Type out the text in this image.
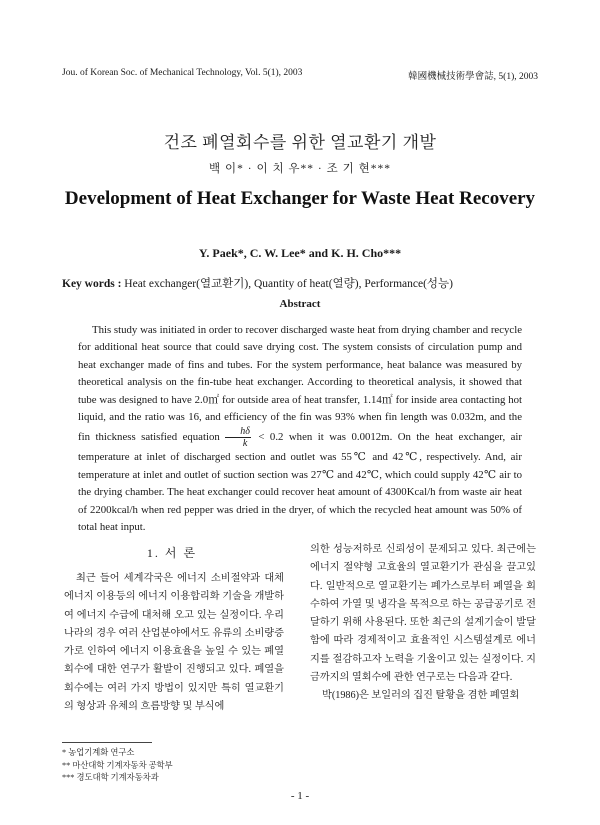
Jou. of Korean Soc. of Mechanical Technology, Vol. 5(1), 2003	韓國機械技術學會誌, 5(1), 2003
건조 폐열회수를 위한 열교환기 개발
백 이* · 이 치 우** · 조 기 현***
Development of Heat Exchanger for Waste Heat Recovery
Y. Paek*, C. W. Lee* and K. H. Cho***
Key words : Heat exchanger(열교환기), Quantity of heat(열량), Performance(성능)
Abstract

This study was initiated in order to recover discharged waste heat from drying chamber and recycle for additional heat source that could save drying cost. The system consists of circulation pump and heat exchanger made of fins and tubes. For the system performance, heat balance was measured by theoretical analysis on the fin-tube heat exchanger. According to theoretical analysis, it showed that tube was designed to have 2.0㎡ for outside area of heat transfer, 1.14㎡ for inside area contacting hot liquid, and the ratio was 16, and efficiency of the fin was 93% when fin length was 0.032m, and the fin thickness satisfied equation $\frac{h\delta}{k} < 0.2$ when it was 0.0012m. On the heat exchanger, air temperature at inlet of discharged section and outlet was 55℃ and 42℃, respectively. And, air temperature at inlet and outlet of suction section was 27℃ and 42℃, which could supply 42℃ air to the drying chamber. The heat exchanger could recover heat amount of 4300Kcal/h from waste air heat of 2200kcal/h when red pepper was dried in the dryer, of which the recycled heat amount was 50% of total heat input.

1. 서 론

최근 들어 세계각국은 에너지 소비절약과 대체에너지 이용등의 에너지 이용합리화 기술을 개발하여 에너지 수급에 대처해 오고 있는 실정이다. 우리나라의 경우 여러 산업분야에서도 유류의 소비량증가로 인하여 에너지 이용효율을 높일 수 있는 폐열회수에 대한 연구가 활발이 진행되고 있다. 폐열을 회수에는 여러 가지 방법이 있지만 특히 열교환기의 형상과 유체의 흐름방향 및 부식에

의한 성능저하로 신뢰성이 문제되고 있다. 최근에는 에너지 절약형 고효율의 열교환기가 관심을 끌고있다. 일반적으로 열교환기는 폐가스로부터 폐열을 회수하여 가열 및 냉각을 목적으로 하는 공급공기로 전달하기 위해 사용된다. 또한 최근의 설계기술이 발달함에 따라 경제적이고 효율적인 시스템설계로 에너지를 절감하고자 노력을 기울이고 있는 실정이다. 지금까지의 열회수에 관한 연구로는 다음과 같다.

박(1986)은 보일러의 집진 탈황을 겸한 폐열회

* 농업기계화 연구소
** 마산대학 기계자동차 공학부
*** 경도대학 기계자동차과
- 1 -
